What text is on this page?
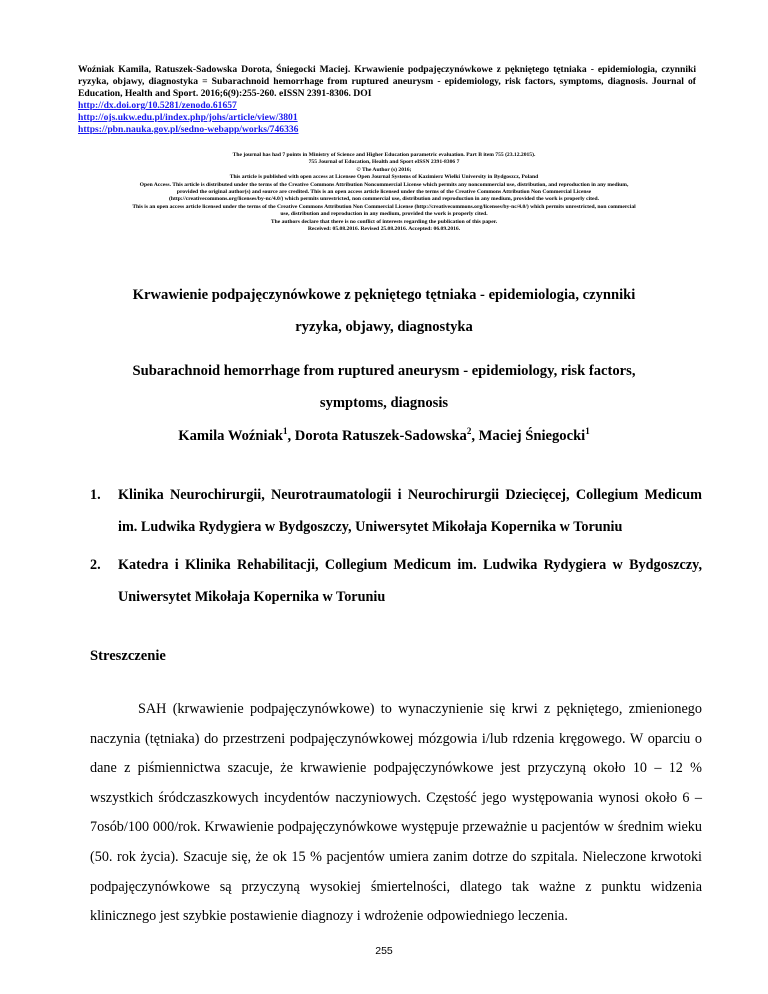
Woźniak Kamila, Ratuszek-Sadowska Dorota, Śniegocki Maciej. Krwawienie podpajęczynówkowe z pękniętego tętniaka - epidemiologia, czynniki ryzyka, objawy, diagnostyka = Subarachnoid hemorrhage from ruptured aneurysm - epidemiology, risk factors, symptoms, diagnosis. Journal of Education, Health and Sport. 2016;6(9):255-260. eISSN 2391-8306. DOI
http://dx.doi.org/10.5281/zenodo.61657
http://ojs.ukw.edu.pl/index.php/johs/article/view/3801
https://pbn.nauka.gov.pl/sedno-webapp/works/746336
The journal has had 7 points in Ministry of Science and Higher Education parametric evaluation. Part B item 755 (23.12.2015).
755 Journal of Education, Health and Sport eISSN 2391-8306 7
© The Author (s) 2016;
This article is published with open access at Licensee Open Journal Systems of Kazimierz Wielki University in Bydgoszcz, Poland
Open Access. This article is distributed under the terms of the Creative Commons Attribution Noncommercial License which permits any noncommercial use, distribution, and reproduction in any medium,
provided the original author(s) and source are credited. This is an open access article licensed under the terms of the Creative Commons Attribution Non Commercial License
(http://creativecommons.org/licenses/by-nc/4.0/) which permits unrestricted, non commercial use, distribution and reproduction in any medium, provided the work is properly cited.
This is an open access article licensed under the terms of the Creative Commons Attribution Non Commercial License (http://creativecommons.org/licenses/by-nc/4.0/) which permits unrestricted, non commercial
use, distribution and reproduction in any medium, provided the work is properly cited.
The authors declare that there is no conflict of interests regarding the publication of this paper.
Received: 05.08.2016. Revised 25.08.2016. Accepted: 06.09.2016.
Krwawienie podpajęczynówkowe z pękniętego tętniaka - epidemiologia, czynniki
ryzyka, objawy, diagnostyka
Subarachnoid hemorrhage from ruptured aneurysm - epidemiology, risk factors,
symptoms, diagnosis
Kamila Woźniak$^1$, Dorota Ratuszek-Sadowska$^2$, Maciej Śniegocki$^1$
1. Klinika Neurochirurgii, Neurotraumatologii i Neurochirurgii Dziecięcej, Collegium Medicum im. Ludwika Rydygiera w Bydgoszczy, Uniwersytet Mikołaja Kopernika w Toruniu
2. Katedra i Klinika Rehabilitacji, Collegium Medicum im. Ludwika Rydygiera w Bydgoszczy, Uniwersytet Mikołaja Kopernika w Toruniu
Streszczenie

SAH (krwawienie podpajęczynówkowe) to wynaczynienie się krwi z pękniętego, zmienionego naczynia (tętniaka) do przestrzeni podpajęczynówkowej mózgowia i/lub rdzenia kręgowego. W oparciu o dane z piśmiennictwa szacuje, że krwawienie podpajęczynówkowe jest przyczyną około 10 – 12 % wszystkich śródczaszkowych incydentów naczyniowych. Częstość jego występowania wynosi około 6 – 7osób/100 000/rok. Krwawienie podpajęczynówkowe występuje przeważnie u pacjentów w średnim wieku (50. rok życia). Szacuje się, że ok 15 % pacjentów umiera zanim dotrze do szpitala. Nieleczone krwotoki podpajęczynówkowe są przyczyną wysokiej śmiertelności, dlatego tak ważne z punktu widzenia klinicznego jest szybkie postawienie diagnozy i wdrożenie odpowiedniego leczenia.

255
